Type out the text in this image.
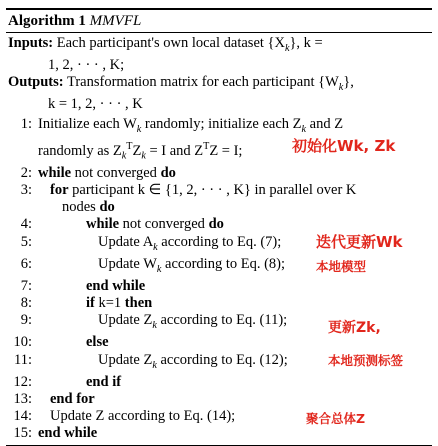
Algorithm 1 MMVFL
Inputs: Each participant's own local dataset $\{X_k\}$, k =
1, 2, · · · , K;
Outputs: Transformation matrix for each participant $\{W_k\}$,
k = 1, 2, · · · , K
1: Initialize each $W_k$ randomly; initialize each $Z_k$ and Z
randomly as $Z_k^TZ_k = I$ and $Z^TZ = I$;	初始化Wk, Zk
2: while not converged do
3: for participant k ∈ {1, 2, · · · , K} in parallel over K
nodes do
4:	while not converged do
5:	Update $A_k$ according to Eq. (7); 迭代更新Wk
6:	Update $W_k$ according to Eq. (8); 本地模型
7:	end while
8:	if k=1 then
9:	Update $Z_k$ according to Eq. (11);	更新Zk,
10:	else
11:	Update $Z_k$ according to Eq. (12);	本地预测标签
12:	end if
13: end for
14: Update Z according to Eq. (14);	聚合总体Z
15: end while
